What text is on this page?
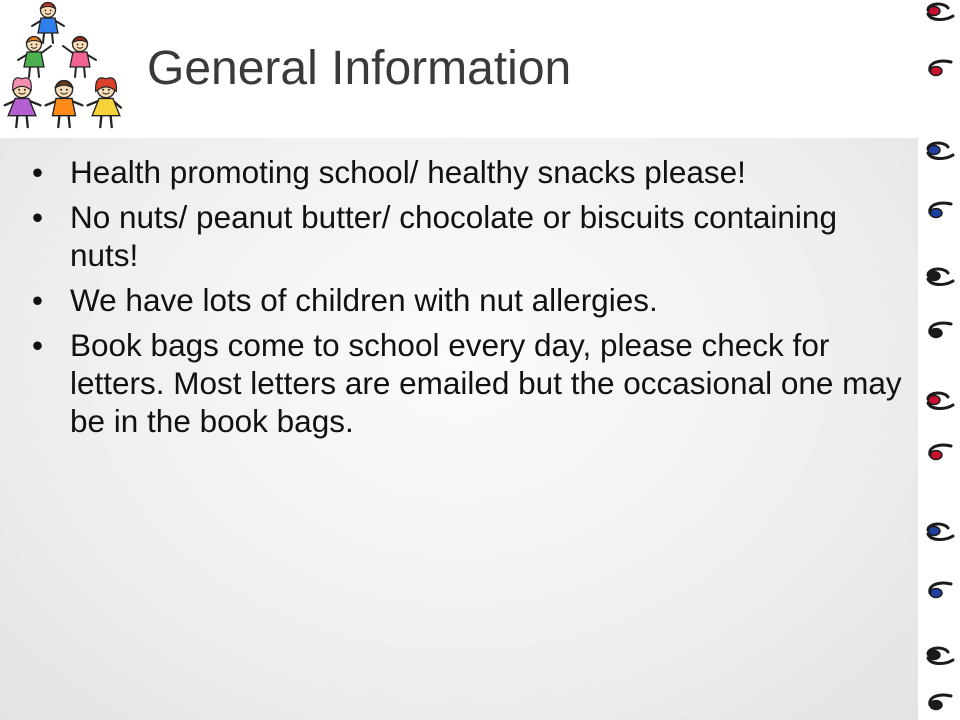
General Information
• Health promoting school/ healthy snacks please!
• No nuts/ peanut butter/ chocolate or biscuits containing
nuts!
• We have lots of children with nut allergies.
• Book bags come to school every day, please check for
letters. Most letters are emailed but the occasional one may
be in the book bags.
